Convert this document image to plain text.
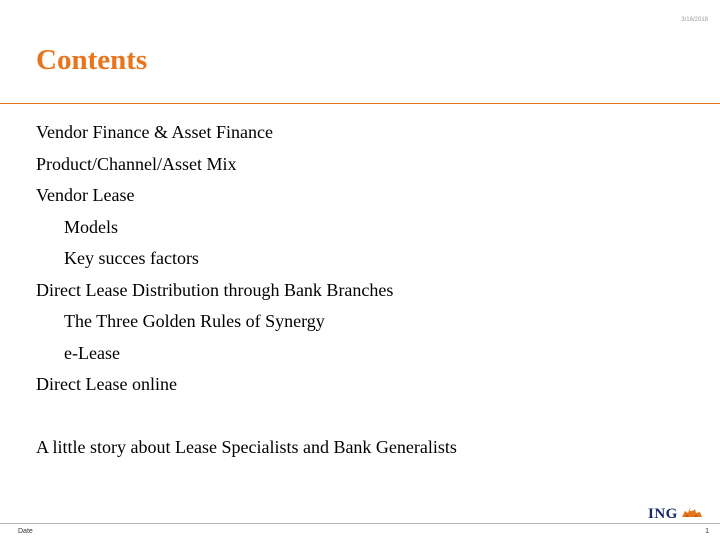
3/16/2018
Contents
Vendor Finance & Asset Finance
Product/Channel/Asset Mix
Vendor Lease
Models
Key succes factors
Direct Lease Distribution through Bank Branches
The Three Golden Rules of Synergy
e-Lease
Direct Lease online
A little story about Lease Specialists and Bank Generalists
ING
Date	1
